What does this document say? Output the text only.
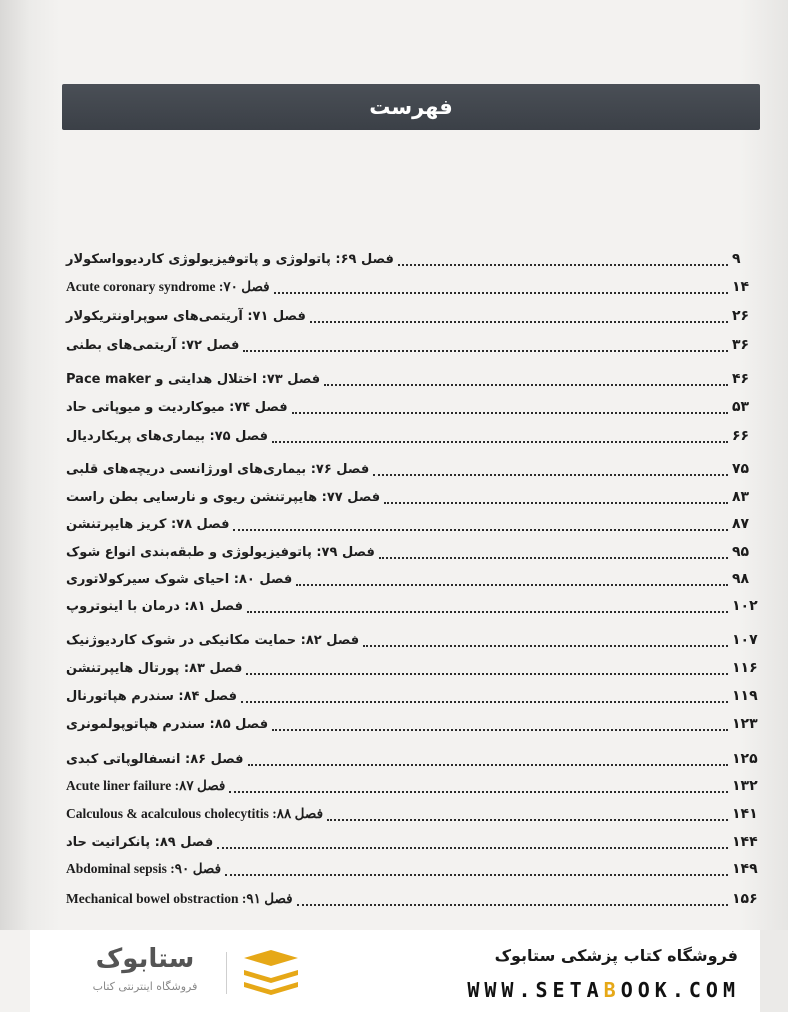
فهرست
فصل ۶۹: پاتولوژی و پاتوفیزیولوژی کاردیوواسکولار	۹
فصل ۷۰: Acute coronary syndrome	۱۴
فصل ۷۱: آریتمی‌های سوپراونتریکولار	۲۶
فصل ۷۲: آریتمی‌های بطنی	۳۶
فصل ۷۳: اختلال هدایتی و Pace maker	۴۶
فصل ۷۴: میوکاردیت و میوپاتی حاد	۵۳
فصل ۷۵: بیماری‌های پریکاردیال	۶۶
فصل ۷۶: بیماری‌های اورژانسی دریچه‌های قلبی	۷۵
فصل ۷۷: هایپرتنشن ریوی و نارسایی بطن راست	۸۳
فصل ۷۸: کریز هایپرتنشن	۸۷
فصل ۷۹: پاتوفیزیولوژی و طبقه‌بندی انواع شوک	۹۵
فصل ۸۰: احیای شوک سیرکولاتوری	۹۸
فصل ۸۱: درمان با اینوتروپ	۱۰۲
فصل ۸۲: حمایت مکانیکی در شوک کاردیوژنیک	۱۰۷
فصل ۸۳: پورتال هایپرتنشن	۱۱۶
فصل ۸۴: سندرم هپاتورنال	۱۱۹
فصل ۸۵: سندرم هپاتوپولمونری	۱۲۳
فصل ۸۶: انسفالوپاتی کبدی	۱۲۵
فصل ۸۷: Acute liner failure	۱۳۲
فصل ۸۸: Calculous & acalculous cholecytitis	۱۴۱
فصل ۸۹: پانکراتیت حاد	۱۴۴
فصل ۹۰: Abdominal sepsis	۱۴۹
فصل ۹۱: Mechanical bowel obstraction	۱۵۶
ستابوک
فروشگاه اینترنتی کتاب
فروشگاه کتاب پزشکی ستابوک
WWW.SETABOOK.COM
